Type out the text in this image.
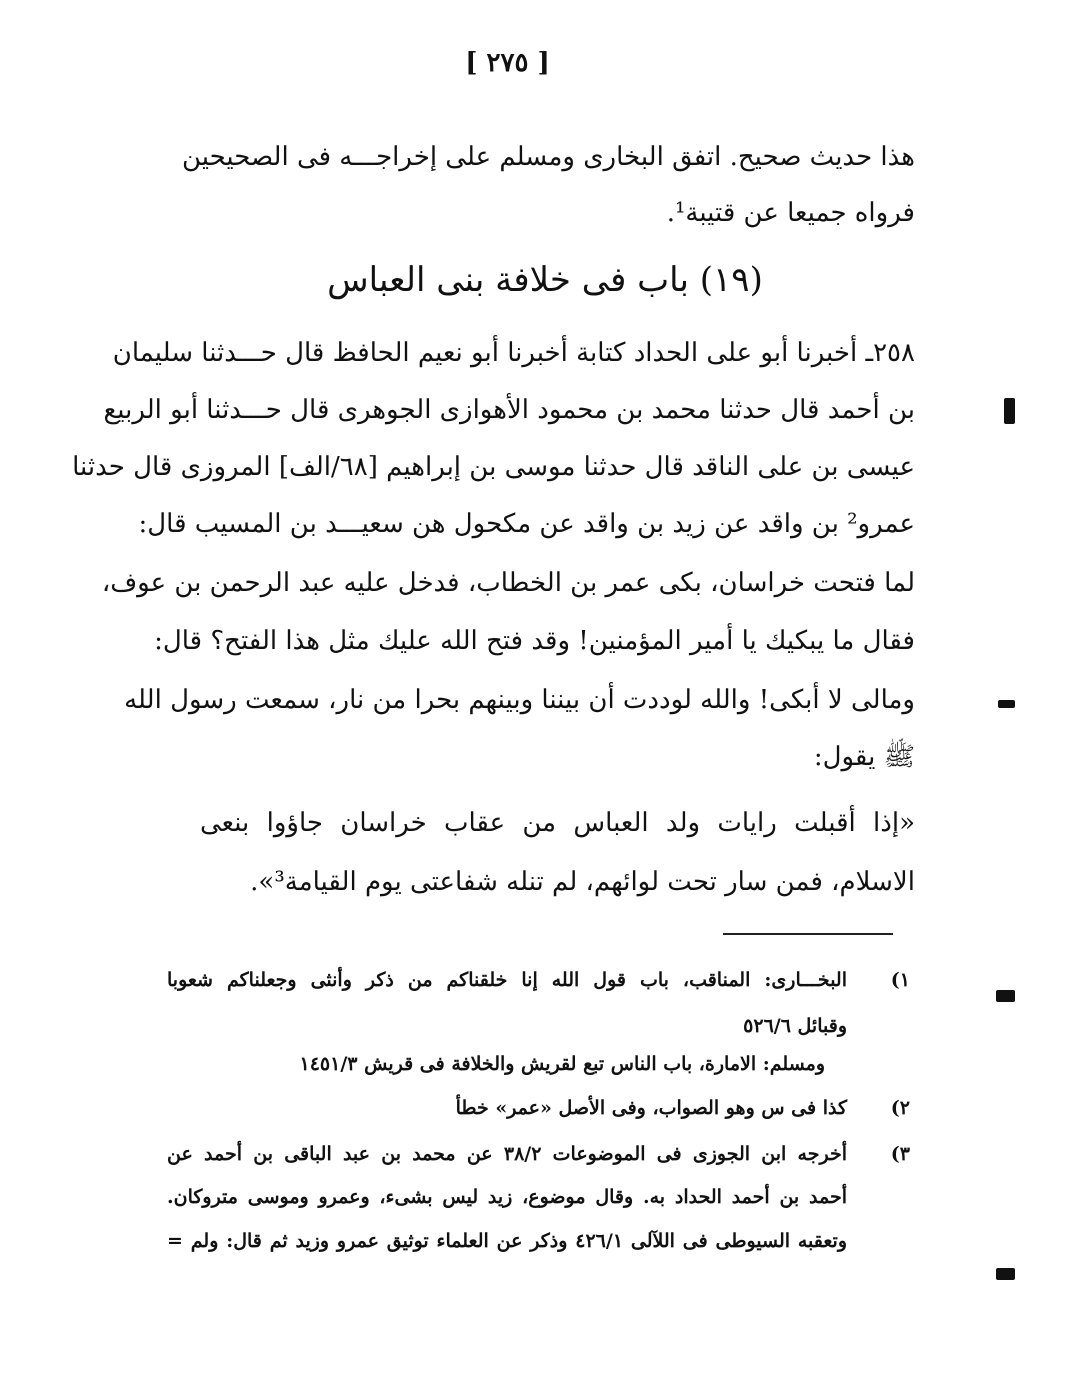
[ ٢٧٥ ]
هذا حديث صحيح. اتفق البخارى ومسلم على إخراجـــه فى الصحيحين
فرواه جميعا عن قتيبة¹.
(١٩) باب فى خلافة بنى العباس
٢٥٨ـ أخبرنا أبو على الحداد كتابة أخبرنا أبو نعيم الحافظ قال حـــدثنا سليمان
بن أحمد قال حدثنا محمد بن محمود الأهوازى الجوهرى قال حـــدثنا أبو الربيع
عيسى بن على الناقد قال حدثنا موسى بن إبراهيم [٦٨/الف] المروزى قال حدثنا
عمرو² بن واقد عن زيد بن واقد عن مكحول هن سعيـــد بن المسيب قال:
لما فتحت خراسان، بكى عمر بن الخطاب، فدخل عليه عبد الرحمن بن عوف،
فقال ما يبكيك يا أمير المؤمنين! وقد فتح الله عليك مثل هذا الفتح؟ قال:
ومالى لا أبكى! والله لوددت أن بيننا وبينهم بحرا من نار، سمعت رسول الله
ﷺ يقول:
«إذا أقبلت رايات ولد العباس من عقاب خراسان جاؤوا بنعى
الاسلام، فمن سار تحت لوائهم، لم تنله شفاعتى يوم القيامة³».
١)
البخـــارى: المناقب، باب قول الله إنا خلقناكم من ذكر وأنثى وجعلناكم شعوبا
وقبائل ٥٢٦/٦
ومسلم: الامارة، باب الناس تبع لقريش والخلافة فى قريش ١٤٥١/٣
٢)
كذا فى س وهو الصواب، وفى الأصل «عمر» خطأ
٣)
أخرجه ابن الجوزى فى الموضوعات ٣٨/٢ عن محمد بن عبد الباقى بن أحمد عن
أحمد بن أحمد الحداد به. وقال موضوع، زيد ليس بشىء، وعمرو وموسى متروكان.
وتعقبه السيوطى فى اللآلى ٤٢٦/١ وذكر عن العلماء توثيق عمرو وزيد ثم قال: ولم =
